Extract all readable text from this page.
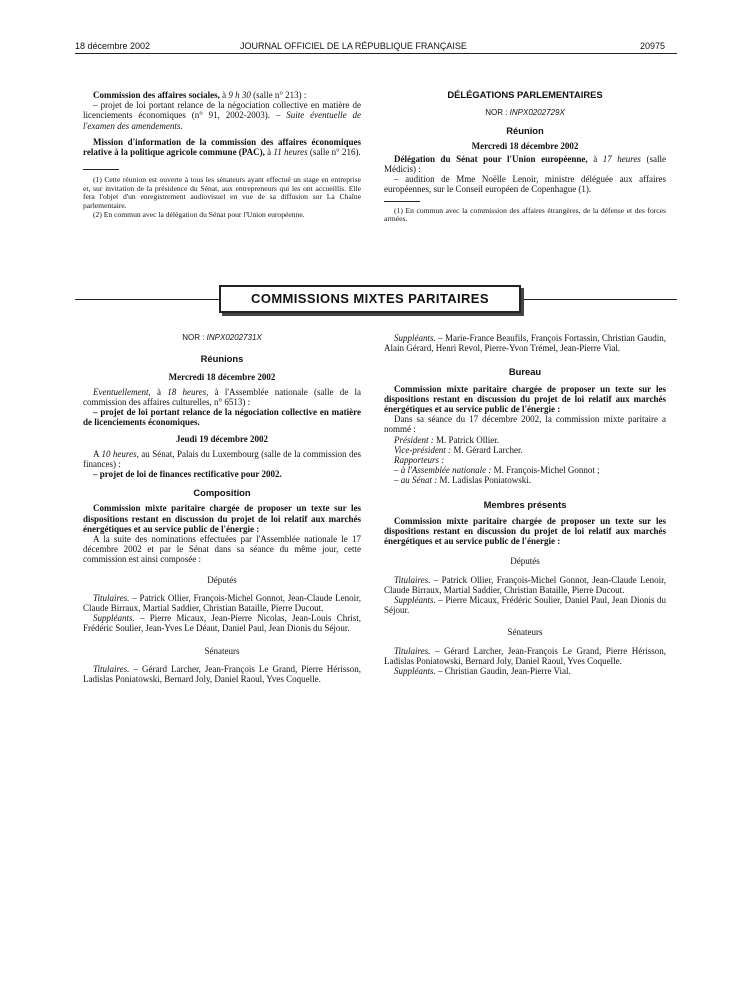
18 décembre 2002	JOURNAL OFFICIEL DE LA RÉPUBLIQUE FRANÇAISE	20975

Commission des affaires sociales, à 9 h 30 (salle n° 213) :

– projet de loi portant relance de la négociation collective en matière de licenciements économiques (n° 91, 2002-2003). – Suite éventuelle de l'examen des amendements.

Mission d'information de la commission des affaires économiques relative à la politique agricole commune (PAC), à 11 heures (salle n° 216).

(1) Cette réunion est ouverte à tous les sénateurs ayant effectué un stage en entreprise et, sur invitation de la présidence du Sénat, aux entrepreneurs qui les ont accueillis. Elle fera l'objet d'un enregistrement audiovisuel en vue de sa diffusion sur La Chaîne parlementaire.

(2) En commun avec la délégation du Sénat pour l'Union européenne.

DÉLÉGATIONS PARLEMENTAIRES

NOR : INPX0202729X

Réunion

Mercredi 18 décembre 2002

Délégation du Sénat pour l'Union européenne, à 17 heures (salle Médicis) :

– audition de Mme Noëlle Lenoir, ministre déléguée aux affaires européennes, sur le Conseil européen de Copenhague (1).

(1) En commun avec la commission des affaires étrangères, de la défense et des forces armées.

COMMISSIONS MIXTES PARITAIRES

NOR : INPX0202731X

Réunions

Mercredi 18 décembre 2002

Eventuellement, à 18 heures, à l'Assemblée nationale (salle de la commission des affaires culturelles, n° 6513) :

– projet de loi portant relance de la négociation collective en matière de licenciements économiques.

Jeudi 19 décembre 2002

A 10 heures, au Sénat, Palais du Luxembourg (salle de la commission des finances) :

– projet de loi de finances rectificative pour 2002.

Composition

Commission mixte paritaire chargée de proposer un texte sur les dispositions restant en discussion du projet de loi relatif aux marchés énergétiques et au service public de l'énergie :

A la suite des nominations effectuées par l'Assemblée nationale le 17 décembre 2002 et par le Sénat dans sa séance du même jour, cette commission est ainsi composée :

Députés

Titulaires. – Patrick Ollier, François-Michel Gonnot, Jean-Claude Lenoir, Claude Birraux, Martial Saddier, Christian Bataille, Pierre Ducout.

Suppléants. – Pierre Micaux, Jean-Pierre Nicolas, Jean-Louis Christ, Frédéric Soulier, Jean-Yves Le Déaut, Daniel Paul, Jean Dionis du Séjour.

Sénateurs

Titulaires. – Gérard Larcher, Jean-François Le Grand, Pierre Hérisson, Ladislas Poniatowski, Bernard Joly, Daniel Raoul, Yves Coquelle.

Suppléants. – Marie-France Beaufils, François Fortassin, Christian Gaudin, Alain Gérard, Henri Revol, Pierre-Yvon Trémel, Jean-Pierre Vial.

Bureau

Commission mixte paritaire chargée de proposer un texte sur les dispositions restant en discussion du projet de loi relatif aux marchés énergétiques et au service public de l'énergie :

Dans sa séance du 17 décembre 2002, la commission mixte paritaire a nommé :

Président : M. Patrick Ollier.

Vice-président : M. Gérard Larcher.

Rapporteurs :

– à l'Assemblée nationale : M. François-Michel Gonnot ;

– au Sénat : M. Ladislas Poniatowski.

Membres présents

Commission mixte paritaire chargée de proposer un texte sur les dispositions restant en discussion du projet de loi relatif aux marchés énergétiques et au service public de l'énergie :

Députés

Titulaires. – Patrick Ollier, François-Michel Gonnot, Jean-Claude Lenoir, Claude Birraux, Martial Saddier, Christian Bataille, Pierre Ducout.

Suppléants. – Pierre Micaux, Frédéric Soulier, Daniel Paul, Jean Dionis du Séjour.

Sénateurs

Titulaires. – Gérard Larcher, Jean-François Le Grand, Pierre Hérisson, Ladislas Poniatowski, Bernard Joly, Daniel Raoul, Yves Coquelle.

Suppléants. – Christian Gaudin, Jean-Pierre Vial.
